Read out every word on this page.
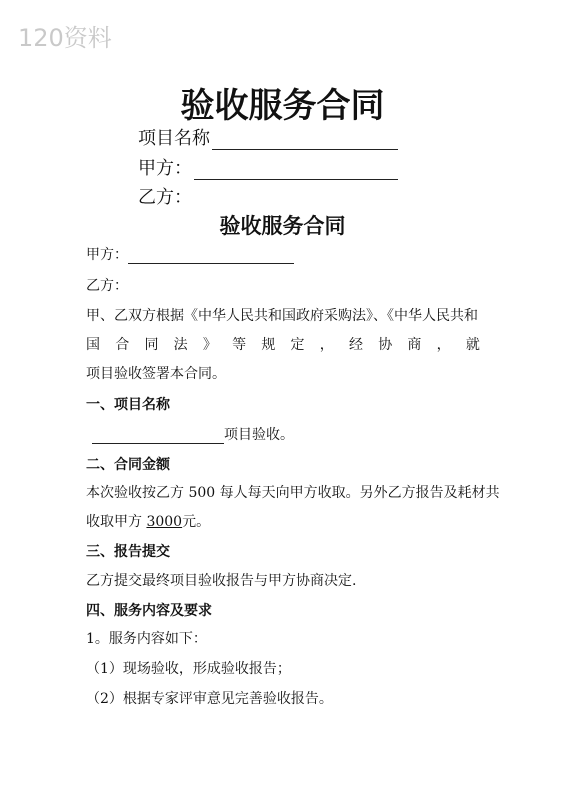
120资料
验收服务合同
项目名称
甲方：
乙方：
验收服务合同
甲方：
乙方：
甲、乙双方根据《中华人民共和国政府采购法》、《中华人民共和
国 合 同 法 》 等 规 定 ， 经 协 商 ， 就
项目验收签署本合同。
一、项目名称
项目验收。
二、合同金额
本次验收按乙方 500 每人每天向甲方收取。另外乙方报告及耗材共
收取甲方 3000元。
三、报告提交
乙方提交最终项目验收报告与甲方协商决定.
四、服务内容及要求
1。服务内容如下：
（1）现场验收，形成验收报告；
（2）根据专家评审意见完善验收报告。
